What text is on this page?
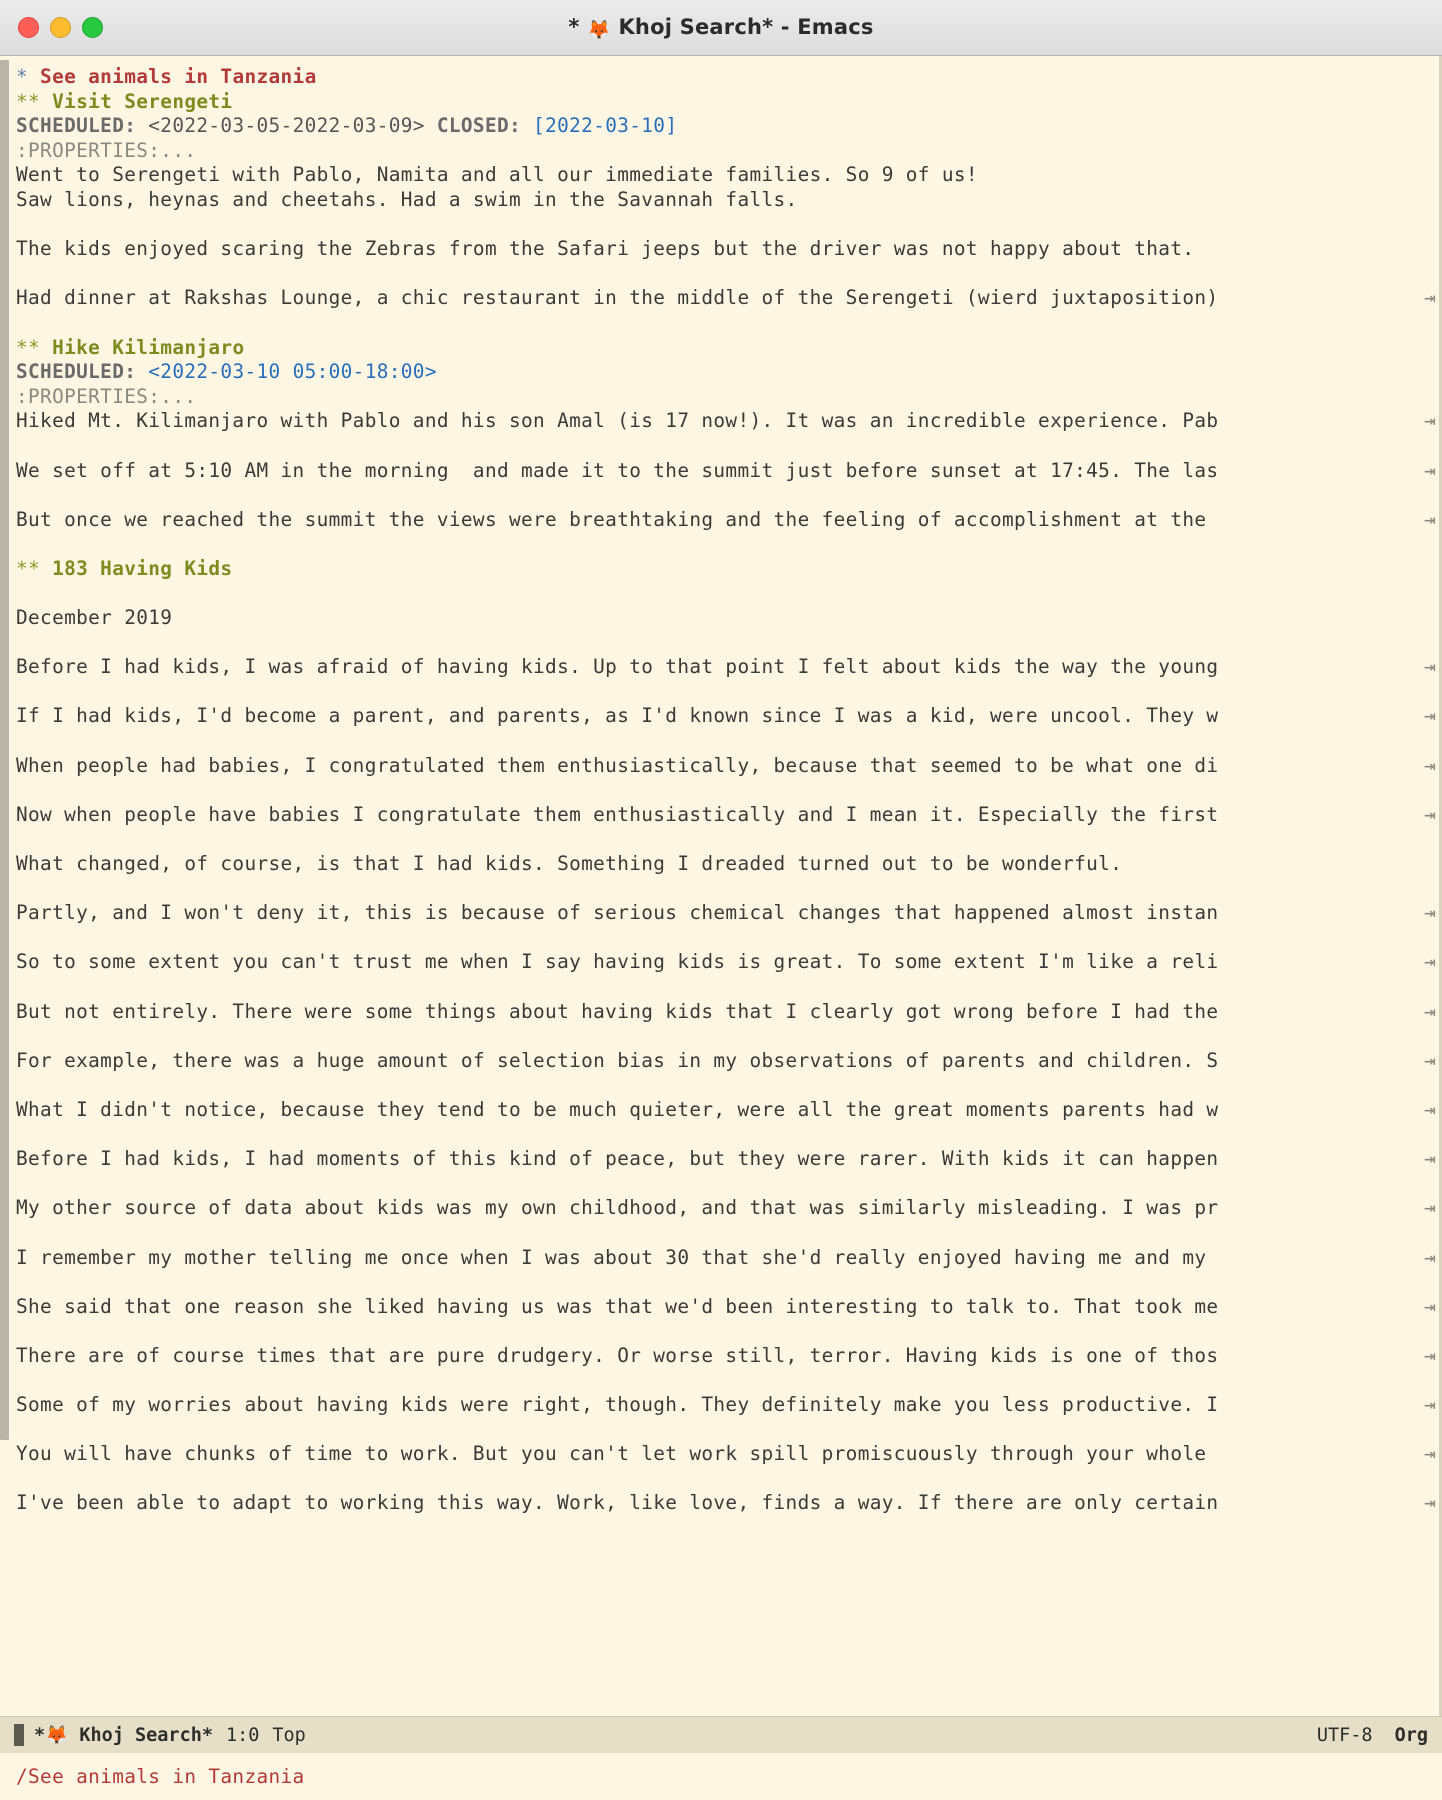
* 🦊 Khoj Search* - Emacs
* See animals in Tanzania
** Visit Serengeti
SCHEDULED: <2022-03-05-2022-03-09> CLOSED: [2022-03-10]
:PROPERTIES:...
Went to Serengeti with Pablo, Namita and all our immediate families. So 9 of us!
Saw lions, heynas and cheetahs. Had a swim in the Savannah falls.

The kids enjoyed scaring the Zebras from the Safari jeeps but the driver was not happy about that.

Had dinner at Rakshas Lounge, a chic restaurant in the middle of the Serengeti (wierd juxtaposition)	⇥

** Hike Kilimanjaro
SCHEDULED: <2022-03-10 05:00-18:00>
:PROPERTIES:...
Hiked Mt. Kilimanjaro with Pablo and his son Amal (is 17 now!). It was an incredible experience. Pab	⇥

We set off at 5:10 AM in the morning  and made it to the summit just before sunset at 17:45. The las	⇥

But once we reached the summit the views were breathtaking and the feeling of accomplishment at the	⇥

** 183 Having Kids

December 2019

Before I had kids, I was afraid of having kids. Up to that point I felt about kids the way the young	⇥

If I had kids, I'd become a parent, and parents, as I'd known since I was a kid, were uncool. They w	⇥

When people had babies, I congratulated them enthusiastically, because that seemed to be what one di	⇥

Now when people have babies I congratulate them enthusiastically and I mean it. Especially the first	⇥

What changed, of course, is that I had kids. Something I dreaded turned out to be wonderful.

Partly, and I won't deny it, this is because of serious chemical changes that happened almost instan	⇥

So to some extent you can't trust me when I say having kids is great. To some extent I'm like a reli	⇥

But not entirely. There were some things about having kids that I clearly got wrong before I had the	⇥

For example, there was a huge amount of selection bias in my observations of parents and children. S	⇥

What I didn't notice, because they tend to be much quieter, were all the great moments parents had w	⇥

Before I had kids, I had moments of this kind of peace, but they were rarer. With kids it can happen	⇥

My other source of data about kids was my own childhood, and that was similarly misleading. I was pr	⇥

I remember my mother telling me once when I was about 30 that she'd really enjoyed having me and my	⇥

She said that one reason she liked having us was that we'd been interesting to talk to. That took me	⇥

There are of course times that are pure drudgery. Or worse still, terror. Having kids is one of thos	⇥

Some of my worries about having kids were right, though. They definitely make you less productive. I	⇥

You will have chunks of time to work. But you can't let work spill promiscuously through your whole	⇥

I've been able to adapt to working this way. Work, like love, finds a way. If there are only certain	⇥
*🦊 Khoj Search* 1:0 Top	UTF-8 Org
/See animals in Tanzania
